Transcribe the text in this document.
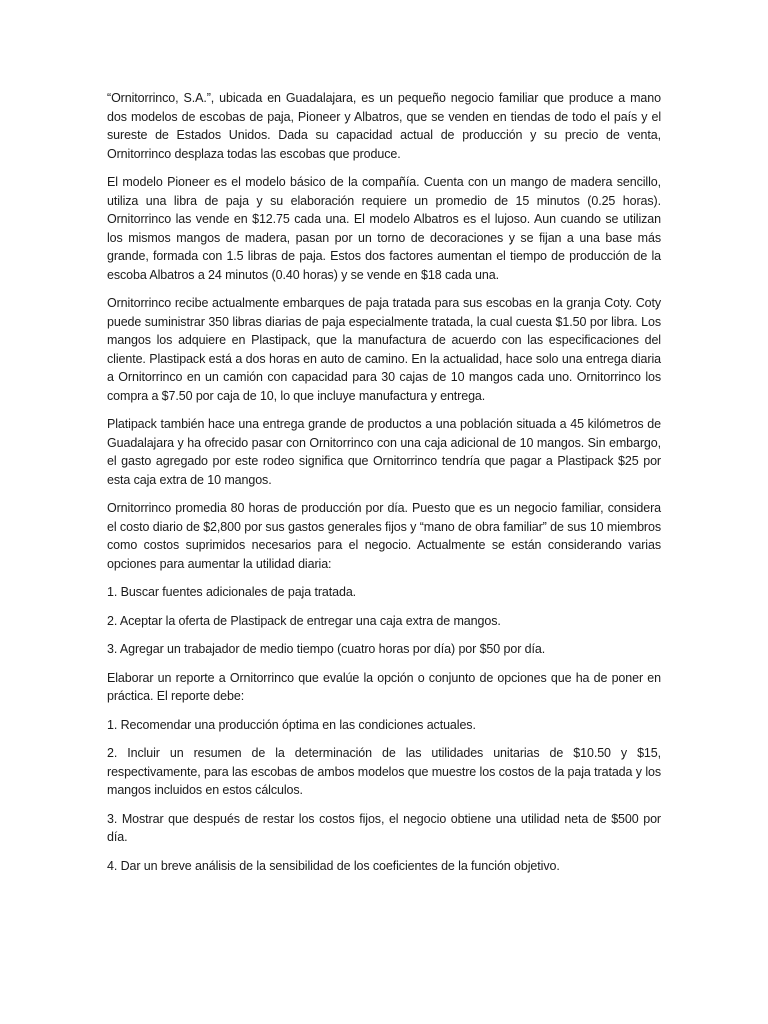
“Ornitorrinco, S.A.”, ubicada en Guadalajara, es un pequeño negocio familiar que produce a mano dos modelos de escobas de paja, Pioneer y Albatros, que se venden en tiendas de todo el país y el sureste de Estados Unidos. Dada su capacidad actual de producción y su precio de venta, Ornitorrinco desplaza todas las escobas que produce.

El modelo Pioneer es el modelo básico de la compañía. Cuenta con un mango de madera sencillo, utiliza una libra de paja y su elaboración requiere un promedio de 15 minutos (0.25 horas). Ornitorrinco las vende en $12.75 cada una. El modelo Albatros es el lujoso. Aun cuando se utilizan los mismos mangos de madera, pasan por un torno de decoraciones y se fijan a una base más grande, formada con 1.5 libras de paja. Estos dos factores aumentan el tiempo de producción de la escoba Albatros a 24 minutos (0.40 horas) y se vende en $18 cada una.

Ornitorrinco recibe actualmente embarques de paja tratada para sus escobas en la granja Coty. Coty puede suministrar 350 libras diarias de paja especialmente tratada, la cual cuesta $1.50 por libra. Los mangos los adquiere en Plastipack, que la manufactura de acuerdo con las especificaciones del cliente. Plastipack está a dos horas en auto de camino. En la actualidad, hace solo una entrega diaria a Ornitorrinco en un camión con capacidad para 30 cajas de 10 mangos cada uno. Ornitorrinco los compra a $7.50 por caja de 10, lo que incluye manufactura y entrega.

Platipack también hace una entrega grande de productos a una población situada a 45 kilómetros de Guadalajara y ha ofrecido pasar con Ornitorrinco con una caja adicional de 10 mangos. Sin embargo, el gasto agregado por este rodeo significa que Ornitorrinco tendría que pagar a Plastipack $25 por esta caja extra de 10 mangos.

Ornitorrinco promedia 80 horas de producción por día. Puesto que es un negocio familiar, considera el costo diario de $2,800 por sus gastos generales fijos y “mano de obra familiar” de sus 10 miembros como costos suprimidos necesarios para el negocio. Actualmente se están considerando varias opciones para aumentar la utilidad diaria:

1. Buscar fuentes adicionales de paja tratada.

2. Aceptar la oferta de Plastipack de entregar una caja extra de mangos.

3. Agregar un trabajador de medio tiempo (cuatro horas por día) por $50 por día.

Elaborar un reporte a Ornitorrinco que evalúe la opción o conjunto de opciones que ha de poner en práctica. El reporte debe:

1. Recomendar una producción óptima en las condiciones actuales.

2. Incluir un resumen de la determinación de las utilidades unitarias de $10.50 y $15, respectivamente, para las escobas de ambos modelos que muestre los costos de la paja tratada y los mangos incluidos en estos cálculos.

3. Mostrar que después de restar los costos fijos, el negocio obtiene una utilidad neta de $500 por día.

4. Dar un breve análisis de la sensibilidad de los coeficientes de la función objetivo.
